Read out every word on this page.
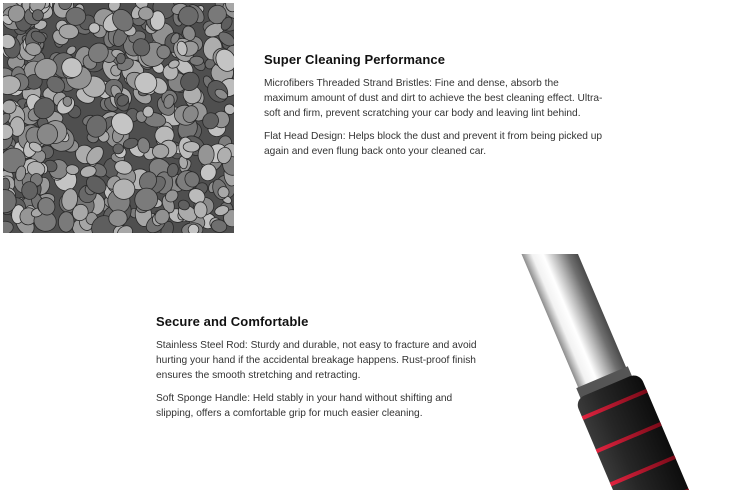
Super Cleaning Performance

Microfibers Threaded Strand Bristles: Fine and dense, absorb the maximum amount of dust and dirt to achieve the best cleaning effect. Ultra-soft and firm, prevent scratching your car body and leaving lint behind.

Flat Head Design: Helps block the dust and prevent it from being picked up again and even flung back onto your cleaned car.

Secure and Comfortable

Stainless Steel Rod: Sturdy and durable, not easy to fracture and avoid hurting your hand if the accidental breakage happens. Rust-proof finish ensures the smooth stretching and retracting.

Soft Sponge Handle: Held stably in your hand without shifting and slipping, offers a comfortable grip for much easier cleaning.
